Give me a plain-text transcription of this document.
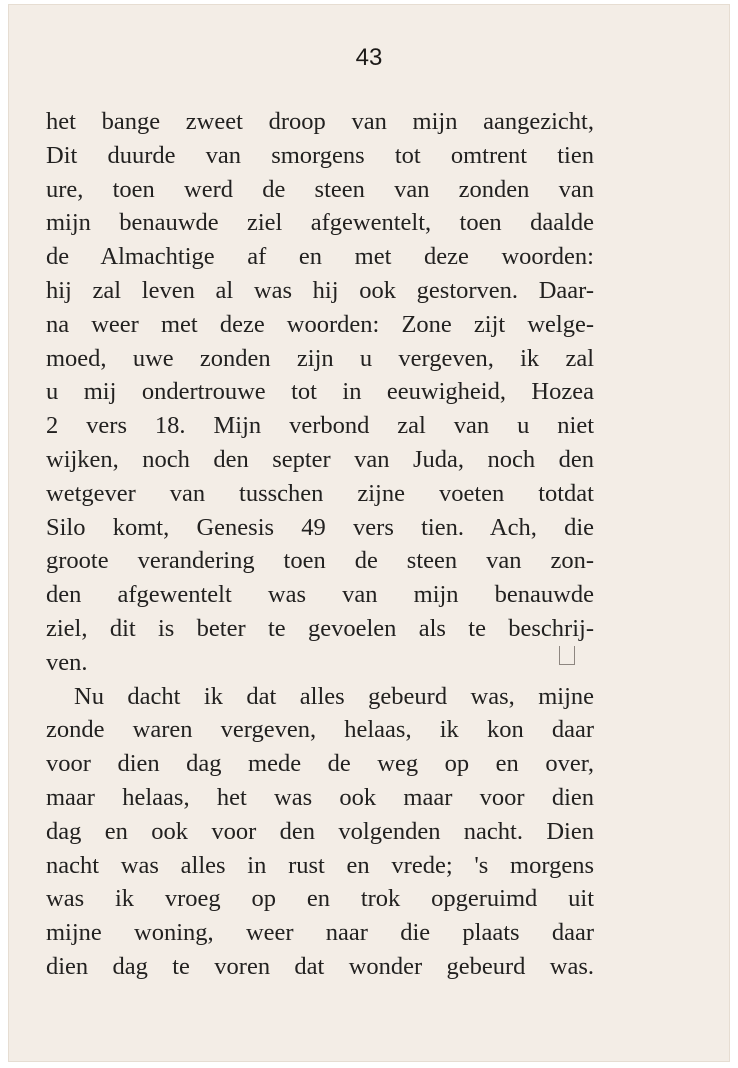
43
het bange zweet droop van mijn aangezicht,
Dit duurde van smorgens tot omtrent tien
ure, toen werd de steen van zonden van
mijn benauwde ziel afgewentelt, toen daalde
de Almachtige af en met deze woorden:
hij zal leven al was hij ook gestorven. Daar-
na weer met deze woorden: Zone zijt welge-
moed, uwe zonden zijn u vergeven, ik zal
u mij ondertrouwe tot in eeuwigheid, Hozea
2 vers 18. Mijn verbond zal van u niet
wijken, noch den septer van Juda, noch den
wetgever van tusschen zijne voeten totdat
Silo komt, Genesis 49 vers tien. Ach, die
groote verandering toen de steen van zon-
den afgewentelt was van mijn benauwde
ziel, dit is beter te gevoelen als te beschrij-
ven.
Nu dacht ik dat alles gebeurd was, mijne
zonde waren vergeven, helaas, ik kon daar
voor dien dag mede de weg op en over,
maar helaas, het was ook maar voor dien
dag en ook voor den volgenden nacht. Dien
nacht was alles in rust en vrede; 's morgens
was ik vroeg op en trok opgeruimd uit
mijne woning, weer naar die plaats daar
dien dag te voren dat wonder gebeurd was.
